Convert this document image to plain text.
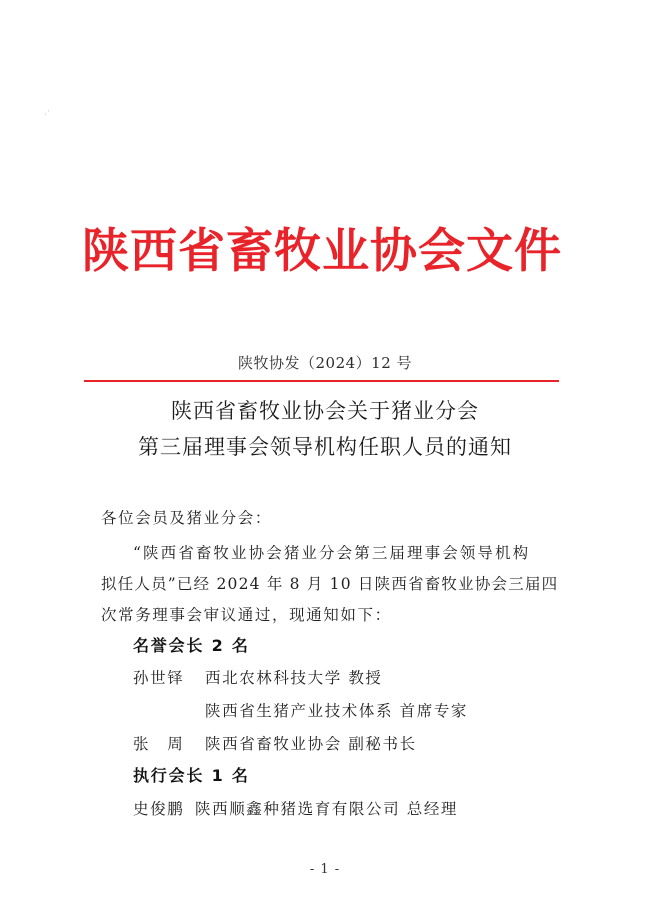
·˙
陕西省畜牧业协会文件
陕牧协发（2024）12 号
陕西省畜牧业协会关于猪业分会
第三届理事会领导机构任职人员的通知
各位会员及猪业分会：
“陕西省畜牧业协会猪业分会第三届理事会领导机构
拟任人员”已经 2024 年 8 月 10 日陕西省畜牧业协会三届四
次常务理事会审议通过，现通知如下：
名誉会长 2 名
孙世铎 西北农林科技大学 教授
陕西省生猪产业技术体系 首席专家
张　周 陕西省畜牧业协会 副秘书长
执行会长 1 名
史俊鹏 陕西顺鑫种猪选育有限公司 总经理
- 1 -
